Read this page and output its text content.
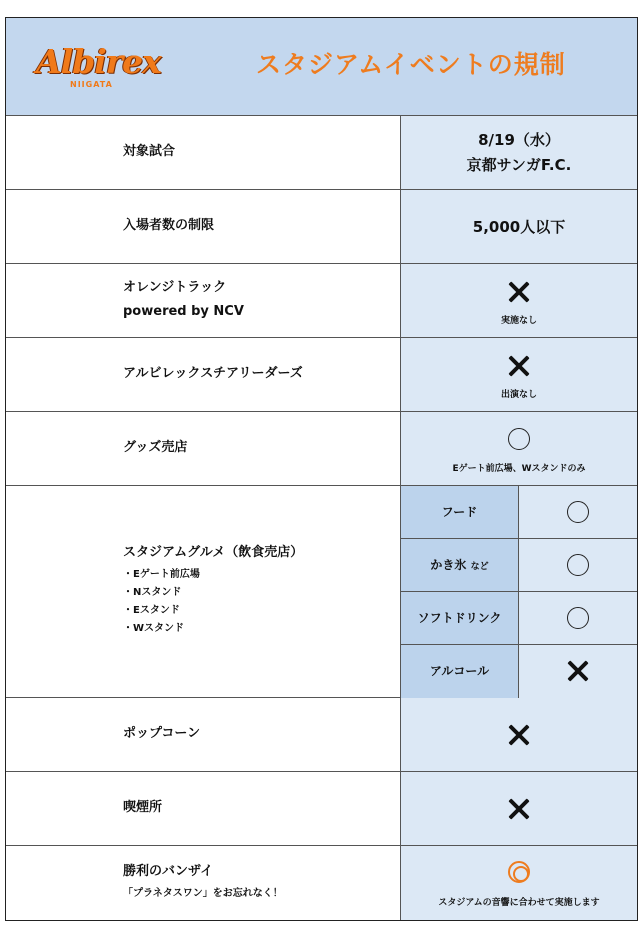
Albirex
NIIGATA
スタジアムイベントの規制
対象試合
8/19（水）
京都サンガF.C.
入場者数の制限	5,000人以下
オレンジトラック
powered by NCV
実施なし
アルビレックスチアリーダーズ
出演なし
グッズ売店
Eゲート前広場、Wスタンドのみ
スタジアムグルメ（飲食売店）
・Eゲート前広場
・Nスタンド
・Eスタンド
・Wスタンド
フード
かき氷 など
ソフトドリンク
アルコール
ポップコーン
喫煙所
勝利のバンザイ
「プラネタスワン」をお忘れなく！
スタジアムの音響に合わせて実施します
